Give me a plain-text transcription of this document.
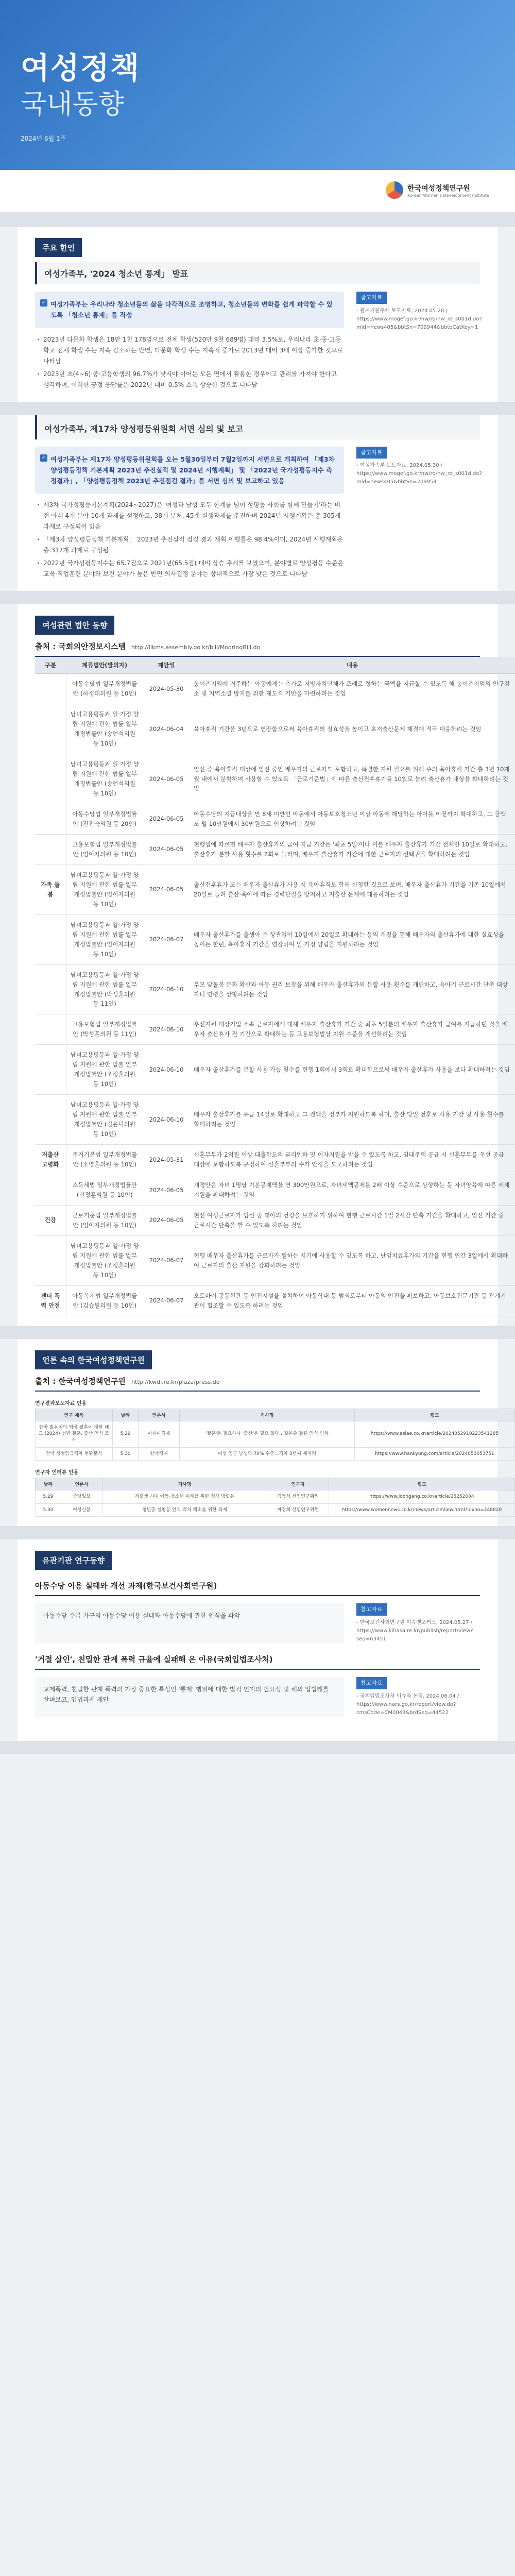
여성정책
국내동향
2024년 6월 1주
한국여성정책연구원
Korean Women's Development Institute
주요 한인
여성가족부, '2024 청소년 통계」 발표
✓ 여성가족부는 우리나라 청소년들의 삶을 다각적으로 조명하고, 청소년들의 변화를 쉽게 파악할 수 있도록 「청소년 통계」를 작성
· 2023년 다문화 학생은 18만 1천 178명으로 전체 학생(520만 9천 689명) 대비 3.5%로, 우리나라 초·중·고등학교 전체 학생 수는 지속 감소하는 반면, 다문화 학생 수는 지속적 증가로 2013년 대비 3배 이상 증가한 것으로 나타남
· 2023년 초(4~6)·중·고등학생의 96.7%가 낮시야 이어는 모든 면에서 활동한 경우이고 관리를 가져야 한다고 생각하며, 이러한 긍정 응답률은 2022년 대비 0.5% 소폭 상승한 것으로 나타남
참고자료
- 관계기관주체 보도자료, 2024.05.28 / https://www.mogef.go.kr/nw/rd/nw_rd_s001d.do?mid=news405&bbtSn=709944&bbtbCatKey=1
여성가족부, 제17차 양성평등위원회 서면 심의 및 보고
✓ 여성가족부는 제17차 양성평등위원회를 오는 5월30일부터 7월2일까지 서면으로 개최하여 「제3차 양성평등정책 기본계획 2023년 추진실적 및 2024년 시행계획」 및 「2022년 국가성평등지수 측정결과」, 「양성평등정책 2023년 추진점검 결과」를 서면 심의 및 보고하고 있음
· 제3차 국가성평등기본계획(2024~2027)은 '여성과 남성 모두 한계를 넘어 성평등 사회를 함께 만들기'라는 비전 아래 4개 분야 10개 과제를 설정하고, 38개 부처, 45개 실행과제를 추진하며 2024년 시행계획은 총 305개 과제로 구성되어 있음
· 「제3차 양성평등정책 기본계획」 2023년 추진실적 점검 결과 계획 이행률은 98.4%이며, 2024년 시행계획은 총 317개 과제로 구성됨
· 2022년 국가성평등지수는 65.7점으로 2021년(65.5점) 대비 상승 추세를 보였으며, 분야별로 양성평등 수준은 교육·직업훈련 분야와 보건 분야가 높은 반면 의사결정 분야는 상대적으로 가장 낮은 것으로 나타남
참고자료
- 여성가족부 보도자료, 2024.05.30 / https://www.mogef.go.kr/nw/rd/nw_rd_s001d.do?mid=news405&bbtSn=709954
여성관련 법안 동향
출처 : 국회의안정보시스템 http://likms.assembly.go.kr/bill/MooringBill.do
구분	계류법안(발의자)	제안일	내용
	아동수당법 일부개정법률안 (하정대의원 등 10인)	2024-05-30	농어촌지역에 거주하는 아동에게는 추가로 지방자치단체가 조례로 정하는 금액을 지급할 수 있도록 해 농어촌지역의 인구감소 및 지역소멸 방지를 위한 제도적 기반을 마련하려는 것임
	남녀고용평등과 일·가정 양립 지원에 관한 법률 일부개정법률안 (송언석의원 등 10인)	2024-06-04	육아휴직 기간을 3년으로 연장함으로써 육아휴직의 실효성을 높이고 초저출산문제 해결에 적극 대응하려는 것임
	남녀고용평등과 일·가정 양립 지원에 관한 법률 일부개정법률안 (송언석의원 등 10인)	2024-06-05	임신 중 육아휴직 대상에 임신 중인 배우자의 근로자도 포함하고, 특별한 지원 필요를 위해 주의 육아휴직 기간 총 3년 10개월 내에서 분할하여 사용할 수 있도록 「근로기준법」에 따른 출산전후휴가를 10일로 늘려 출산휴가 대상을 확대하려는 것임
	아동수당법 일부개정법률안 (전진숙의원 등 20인)	2024-06-05	아동수당의 지급대상을 만 8세 미만인 아동에서 아동보호청소년 이상 아동에 해당하는 아이를 이전까지 확대하고, 그 금액도 월 10만원에서 30만원으로 인상하려는 것임
	고용보험법 일부개정법률안 (임이자의원 등 10인)	2024-06-05	현행법에 따르면 배우자 출산휴가의 급여 지급 기간은 '최초 5일'이나 이를 배우자 출산휴가 기간 전체인 10일로 확대하고, 출산휴가 분할 사용 횟수를 2회로 늘리며, 배우자 출산휴가 기간에 대한 근로자의 선택권을 확대하려는 것임
가족 돌봄	남녀고용평등과 일·가정 양립 지원에 관한 법률 일부개정법률안 (임이자의원 등 10인)	2024-06-05	출산전후휴가 또는 배우자 출산휴가 사용 시 육아휴직도 함께 신청한 것으로 보며, 배우자 출산휴가 기간을 기존 10일에서 20일로 늘려 출산·육아에 따른 경력단절을 방지하고 저출산 문제에 대응하려는 것임
	남녀고용평등과 일·가정 양립 지원에 관한 법률 일부개정법률안 (임이자의원 등 10인)	2024-06-07	배우자 출산휴가를 출생아 수 상관없이 10일에서 20일로 확대하는 등의 개정을 통해 배우자의 출산휴가에 대한 실효성을 높이는 한편, 육아휴직 기간을 연장하여 일·가정 양립을 지원하려는 것임
	남녀고용평등과 일·가정 양립 지원에 관한 법률 일부개정법률안 (박성훈의원 등 11인)	2024-06-10	부모 맞돌봄 문화 확산과 아동 권리 보장을 위해 배우자 출산휴가의 분할 사용 횟수를 개편하고, 육아기 근로시간 단축 대상 자녀 연령을 상향하려는 것임
	고용보험법 일부개정법률안 (박성훈의원 등 11인)	2024-06-10	우선지원 대상기업 소속 근로자에게 대해 배우자 출산휴가 기간 중 최초 5일분의 배우자 출산휴가 급여를 지급하던 것을 배우자 출산휴가 전 기간으로 확대하는 등 고용보험법상 지원 수준을 개선하려는 것임
	남녀고용평등과 일·가정 양립 지원에 관한 법률 일부개정법률안 (조정훈의원 등 10인)	2024-06-10	배우자 출산휴가를 분할 사용 가능 횟수를 현행 1회에서 3회로 확대함으로써 배우자 출산휴가 사용을 보다 확대하려는 것임
	남녀고용평등과 일·가정 양립 지원에 관한 법률 일부개정법률안 (김윤덕의원 등 10인)	2024-06-10	배우자 출산휴가를 유급 14일로 확대하고 그 전액을 정부가 지원하도록 하며, 출산 당일 전후로 사용 기간 및 사용 횟수를 확대하려는 것임
저출산 고령화	주거기본법 일부개정법률안 (소병훈의원 등 10인)	2024-05-31	신혼부부가 2억원 이상 대출한도의 금리인하 및 이자지원을 받을 수 있도록 하고, 임대주택 공급 시 신혼부부를 우선 공급 대상에 포함하도록 규정하여 신혼부부의 주거 안정을 도모하려는 것임
	소득세법 일부개정법률안 (신정훈의원 등 10인)	2024-06-05	개정안은 자녀 1명당 기본공제액을 연 300만원으로, 자녀세액공제를 2배 이상 수준으로 상향하는 등 자녀양육에 따른 세제지원을 확대하려는 것임
건강	근로기준법 일부개정법률안 (임이자의원 등 10인)	2024-06-05	현선 여성근로자가 임신 중 태아의 건강을 보호하기 위하여 현행 근로시간 1일 2시간 단축 기간을 확대하고, 임신 기간 중 근로시간 단축을 할 수 있도록 하려는 것임
	남녀고용평등과 일·가정 양립 지원에 관한 법률 일부개정법률안 (조정훈의원 등 10인)	2024-06-07	현행 배우자 출산휴가를 근로자가 원하는 시기에 사용할 수 있도록 하고, 난임치료휴가의 기간을 현행 연간 3일에서 확대하여 근로자의 출산 지원을 강화하려는 것임
젠더 폭력 안전	아동복지법 일부개정법률안 (김승원의원 등 10인)	2024-06-07	오토바이 공동현관 등 안전시설을 설치하여 아동학대 등 범죄로부터 아동의 안전을 확보하고, 아동보호전문기관 등 관계기관이 협조할 수 있도록 하려는 것임
언론 속의 한국여성정책연구원
출처 : 한국여성정책연구원 http://kwdi.re.kr/plaza/press.do
연구결과보도자료 인용
연구 제목	날짜	언론사	기사명	링크
한국 젊은이의 외국 결혼에 대한 태도 (2024) 청년 결혼, 출산 인식 조사	5.29	아시아경제	'결혼'은 필요하나 '출산'은 필요 없다…젊은층 결혼 인식 변화	https://www.asiae.co.kr/article/2024052910223541285
전국 성별임금격차 현황분석	5.30	한국경제	여성 임금 남성의 70% 수준…격차 3년째 제자리	https://www.hankyung.com/article/2024053053751
연구자 인터뷰 인용
날짜	언론사	기사명	연구자	링크
5.29	중앙일보	저출생 시대 아동·청소년 미래를 위한 정책 방향은	김동식 선임연구위원	https://www.joongang.co.kr/article/25252004
5.30	여성신문	청년층 성평등 인식 격차 해소를 위한 과제	마경희 선임연구위원	https://www.womennews.co.kr/news/articleView.html?idxno=248820
유관기관 연구동향
아동수당 이용 실태와 개선 과제(한국보건사회연구원)
아동수당 수급 가구의 아동수당 이용 실태와 아동수당에 관한 인식을 파악
참고자료
- 한국보건사회연구원 이슈앤포커스, 2024.05.27 / https://www.kihasa.re.kr/publish/report/view?seq=63451
'거절 살인', 친밀한 관계 폭력 규율에 실패해 온 이유(국회입법조사처)
교제폭력, 친밀한 관계 폭력의 가장 중요한 특성인 '통제' 행위에 대한 법적 인지의 필요성 및 해외 입법례를 살펴보고, 입법과제 제안
참고자료
- 국회입법조사처 이슈와 논점, 2024.06.04 / https://www.nars.go.kr/report/view.do?cmsCode=CM0043&brdSeq=44522
